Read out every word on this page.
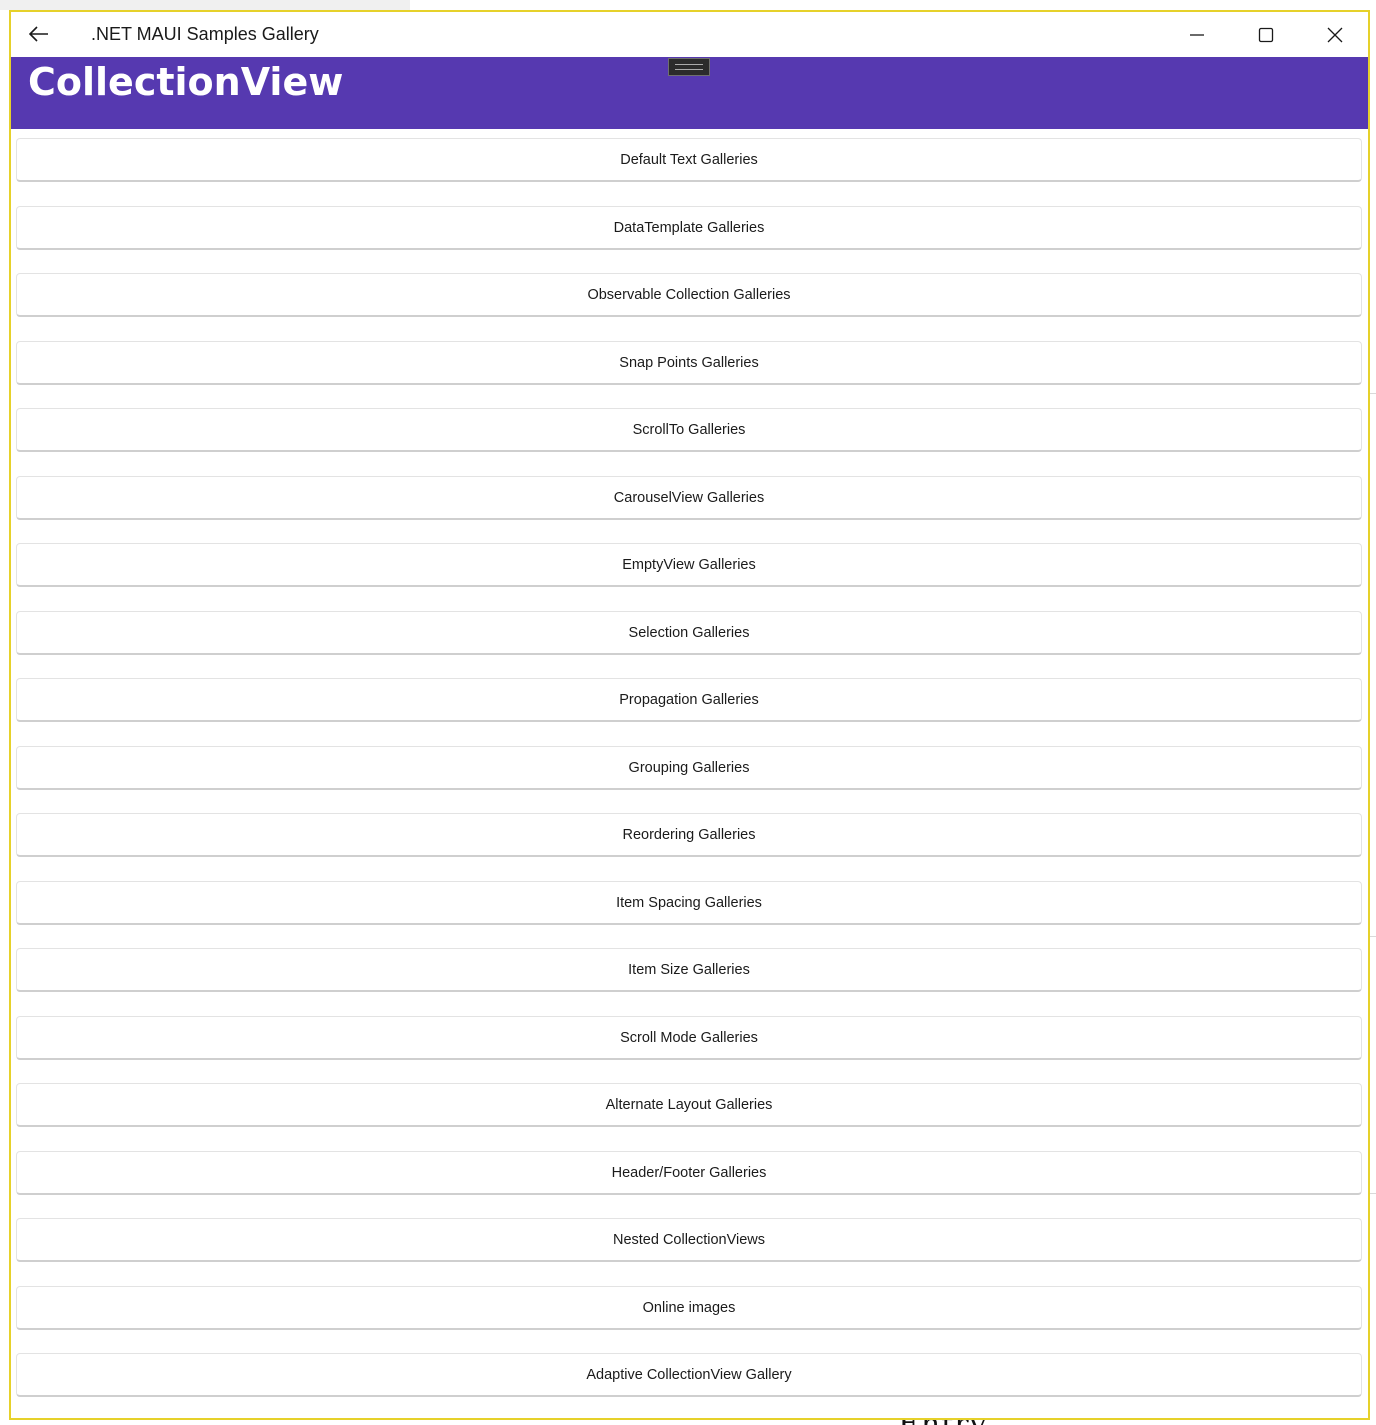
.NET MAUI Samples Gallery
CollectionView
Default Text Galleries
DataTemplate Galleries
Observable Collection Galleries
Snap Points Galleries
ScrollTo Galleries
CarouselView Galleries
EmptyView Galleries
Selection Galleries
Propagation Galleries
Grouping Galleries
Reordering Galleries
Item Spacing Galleries
Item Size Galleries
Scroll Mode Galleries
Alternate Layout Galleries
Header/Footer Galleries
Nested CollectionViews
Online images
Adaptive CollectionView Gallery
